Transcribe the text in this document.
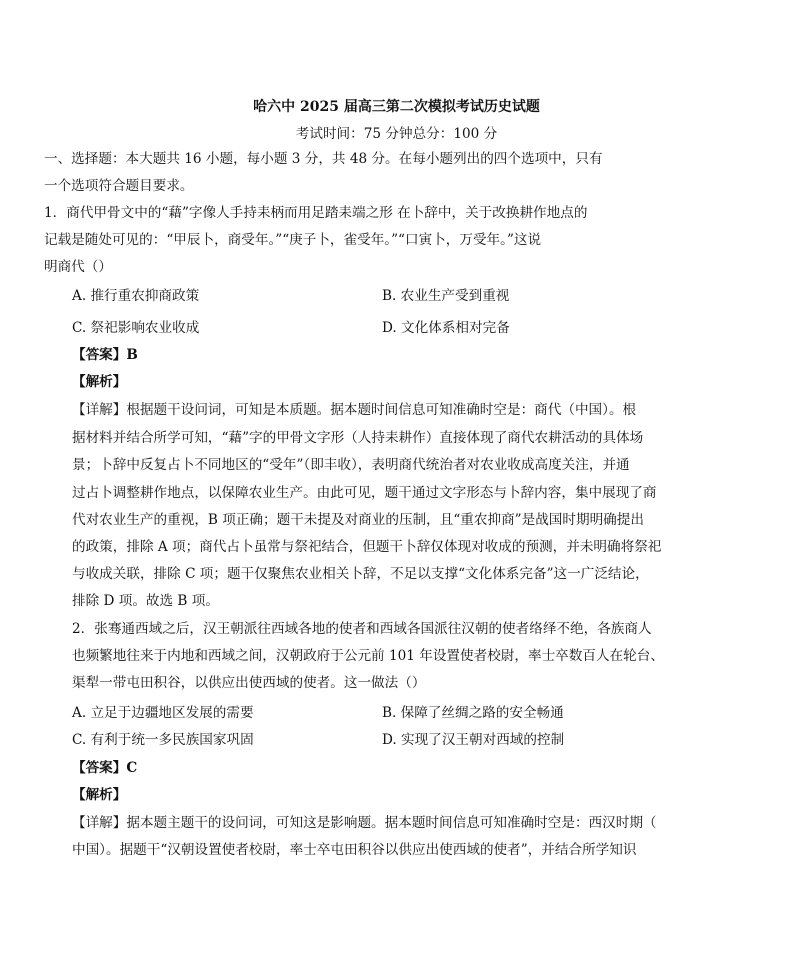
哈六中 2025 届高三第二次模拟考试历史试题
考试时间：75 分钟总分：100 分
一、选择题：本大题共 16 小题，每小题 3 分，共 48 分。在每小题列出的四个选项中，只有
一个选项符合题目要求。
1．商代甲骨文中的“藉”字像人手持耒柄而用足踏耒端之形 在卜辞中，关于改换耕作地点的
记载是随处可见的：“甲辰卜，商受年。”“庚子卜，雀受年。”“口寅卜，万受年。”这说
明商代（）
A. 推行重农抑商政策	B. 农业生产受到重视
C. 祭祀影响农业收成	D. 文化体系相对完备
【答案】B
【解析】
【详解】根据题干设问词，可知是本质题。据本题时间信息可知准确时空是：商代（中国）。根
据材料并结合所学可知，“藉”字的甲骨文字形（人持耒耕作）直接体现了商代农耕活动的具体场
景；卜辞中反复占卜不同地区的“受年”（即丰收），表明商代统治者对农业收成高度关注，并通
过占卜调整耕作地点，以保障农业生产。由此可见，题干通过文字形态与卜辞内容，集中展现了商
代对农业生产的重视，B 项正确；题干未提及对商业的压制，且“重农抑商”是战国时期明确提出
的政策，排除 A 项；商代占卜虽常与祭祀结合，但题干卜辞仅体现对收成的预测，并未明确将祭祀
与收成关联，排除 C 项；题干仅聚焦农业相关卜辞，不足以支撑“文化体系完备”这一广泛结论，
排除 D 项。故选 B 项。
2．张骞通西域之后，汉王朝派往西域各地的使者和西域各国派往汉朝的使者络绎不绝，各族商人
也频繁地往来于内地和西域之间，汉朝政府于公元前 101 年设置使者校尉，率士卒数百人在轮台、
渠犁一带屯田积谷，以供应出使西域的使者。这一做法（）
A. 立足于边疆地区发展的需要	B. 保障了丝绸之路的安全畅通
C. 有利于统一多民族国家巩固	D. 实现了汉王朝对西域的控制
【答案】C
【解析】
【详解】据本题主题干的设问词，可知这是影响题。据本题时间信息可知准确时空是：西汉时期（
中国）。据题干“汉朝设置使者校尉，率士卒屯田积谷以供应出使西域的使者”，并结合所学知识
